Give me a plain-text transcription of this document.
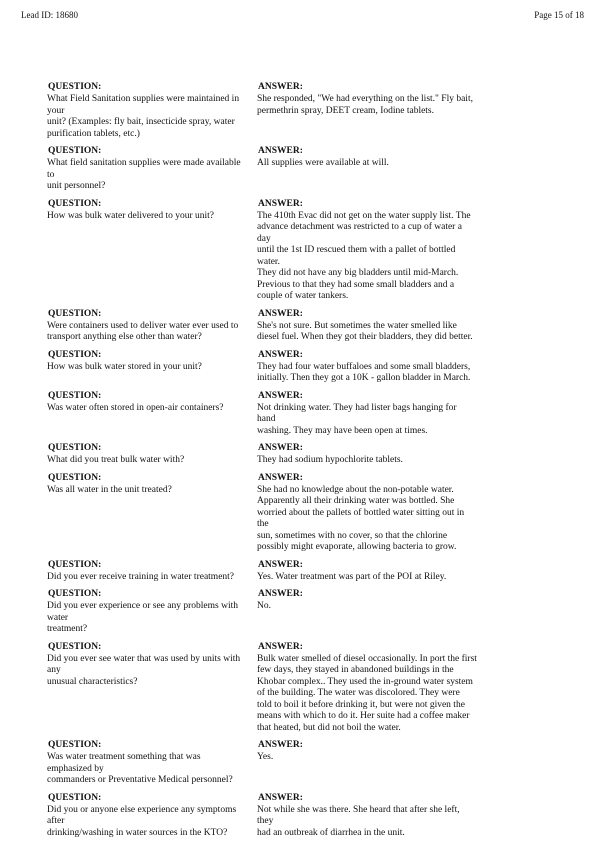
Lead ID: 18680	Page 15 of 18
QUESTION:
What Field Sanitation supplies were maintained in your
unit? (Examples: fly bait, insecticide spray, water
purification tablets, etc.)
ANSWER:
She responded, "We had everything on the list." Fly bait,
permethrin spray, DEET cream, Iodine tablets.
QUESTION:
What field sanitation supplies were made available to
unit personnel?
ANSWER:
All supplies were available at will.
QUESTION:
How was bulk water delivered to your unit?
ANSWER:
The 410th Evac did not get on the water supply list. The
advance detachment was restricted to a cup of water a day
until the 1st ID rescued them with a pallet of bottled water.
They did not have any big bladders until mid-March.
Previous to that they had some small bladders and a
couple of water tankers.
QUESTION:
Were containers used to deliver water ever used to
transport anything else other than water?
ANSWER:
She's not sure. But sometimes the water smelled like
diesel fuel. When they got their bladders, they did better.
QUESTION:
How was bulk water stored in your unit?
ANSWER:
They had four water buffaloes and some small bladders,
initially. Then they got a 10K - gallon bladder in March.
QUESTION:
Was water often stored in open-air containers?
ANSWER:
Not drinking water. They had lister bags hanging for hand
washing. They may have been open at times.
QUESTION:
What did you treat bulk water with?
ANSWER:
They had sodium hypochlorite tablets.
QUESTION:
Was all water in the unit treated?
ANSWER:
She had no knowledge about the non-potable water.
Apparently all their drinking water was bottled. She
worried about the pallets of bottled water sitting out in the
sun, sometimes with no cover, so that the chlorine
possibly might evaporate, allowing bacteria to grow.
QUESTION:
Did you ever receive training in water treatment?
ANSWER:
Yes. Water treatment was part of the POI at Riley.
QUESTION:
Did you ever experience or see any problems with water
treatment?
ANSWER:
No.
QUESTION:
Did you ever see water that was used by units with any
unusual characteristics?
ANSWER:
Bulk water smelled of diesel occasionally. In port the first
few days, they stayed in abandoned buildings in the
Khobar complex.. They used the in-ground water system
of the building. The water was discolored. They were
told to boil it before drinking it, but were not given the
means with which to do it. Her suite had a coffee maker
that heated, but did not boil the water.
QUESTION:
Was water treatment something that was emphasized by
commanders or Preventative Medical personnel?
ANSWER:
Yes.
QUESTION:
Did you or anyone else experience any symptoms after
drinking/washing in water sources in the KTO?
ANSWER:
Not while she was there. She heard that after she left, they
had an outbreak of diarrhea in the unit.
